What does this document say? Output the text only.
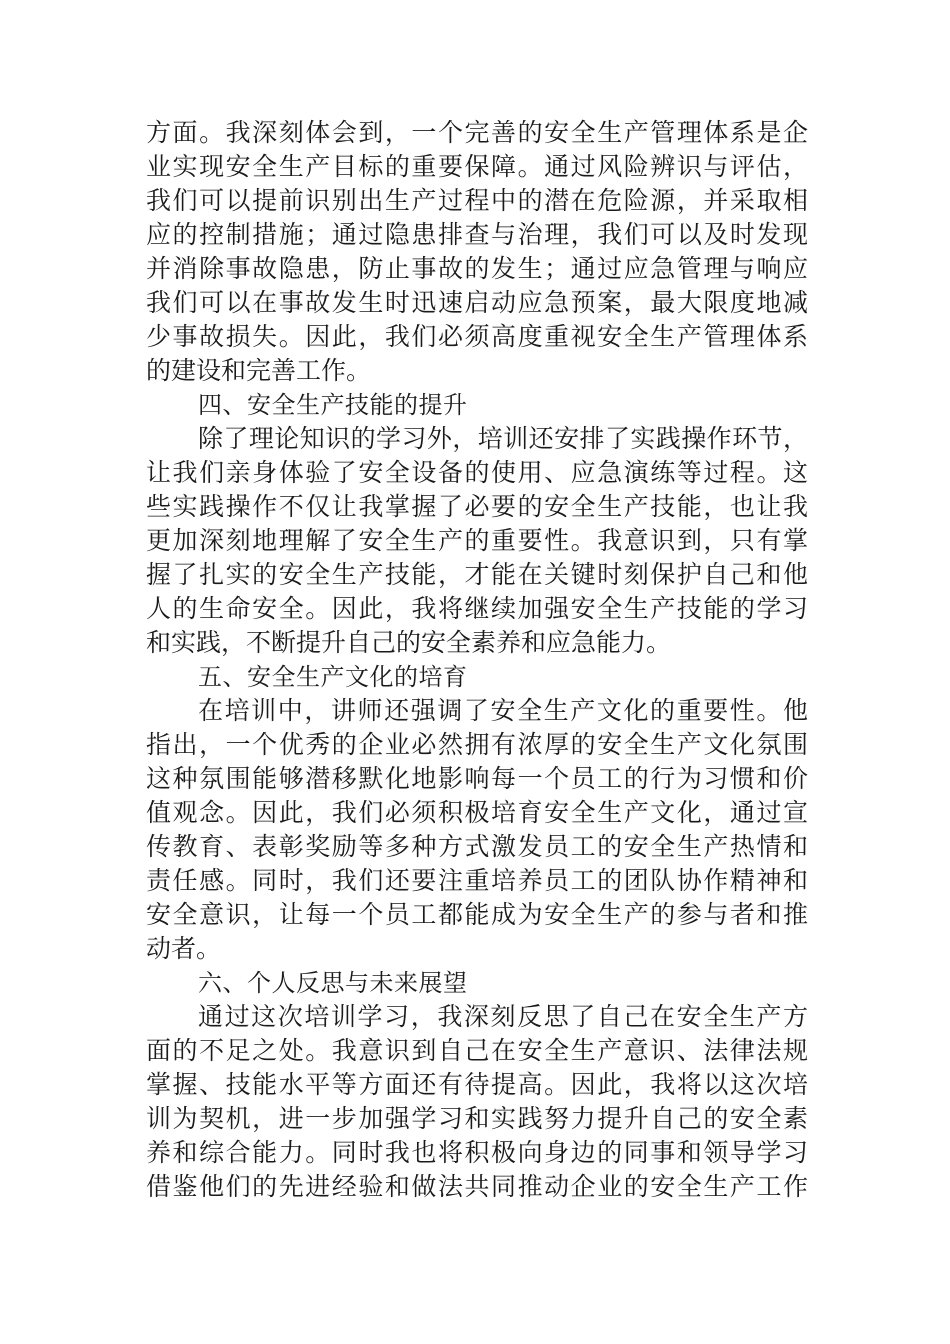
方面。我深刻体会到，一个完善的安全生产管理体系是企
业实现安全生产目标的重要保障。通过风险辨识与评估，
我们可以提前识别出生产过程中的潜在危险源，并采取相
应的控制措施；通过隐患排查与治理，我们可以及时发现
并消除事故隐患，防止事故的发生；通过应急管理与响应
我们可以在事故发生时迅速启动应急预案，最大限度地减
少事故损失。因此，我们必须高度重视安全生产管理体系
的建设和完善工作。
四、安全生产技能的提升
除了理论知识的学习外，培训还安排了实践操作环节，
让我们亲身体验了安全设备的使用、应急演练等过程。这
些实践操作不仅让我掌握了必要的安全生产技能，也让我
更加深刻地理解了安全生产的重要性。我意识到，只有掌
握了扎实的安全生产技能，才能在关键时刻保护自己和他
人的生命安全。因此，我将继续加强安全生产技能的学习
和实践，不断提升自己的安全素养和应急能力。
五、安全生产文化的培育
在培训中，讲师还强调了安全生产文化的重要性。他
指出，一个优秀的企业必然拥有浓厚的安全生产文化氛围
这种氛围能够潜移默化地影响每一个员工的行为习惯和价
值观念。因此，我们必须积极培育安全生产文化，通过宣
传教育、表彰奖励等多种方式激发员工的安全生产热情和
责任感。同时，我们还要注重培养员工的团队协作精神和
安全意识，让每一个员工都能成为安全生产的参与者和推
动者。
六、个人反思与未来展望
通过这次培训学习，我深刻反思了自己在安全生产方
面的不足之处。我意识到自己在安全生产意识、法律法规
掌握、技能水平等方面还有待提高。因此，我将以这次培
训为契机，进一步加强学习和实践努力提升自己的安全素
养和综合能力。同时我也将积极向身边的同事和领导学习
借鉴他们的先进经验和做法共同推动企业的安全生产工作
